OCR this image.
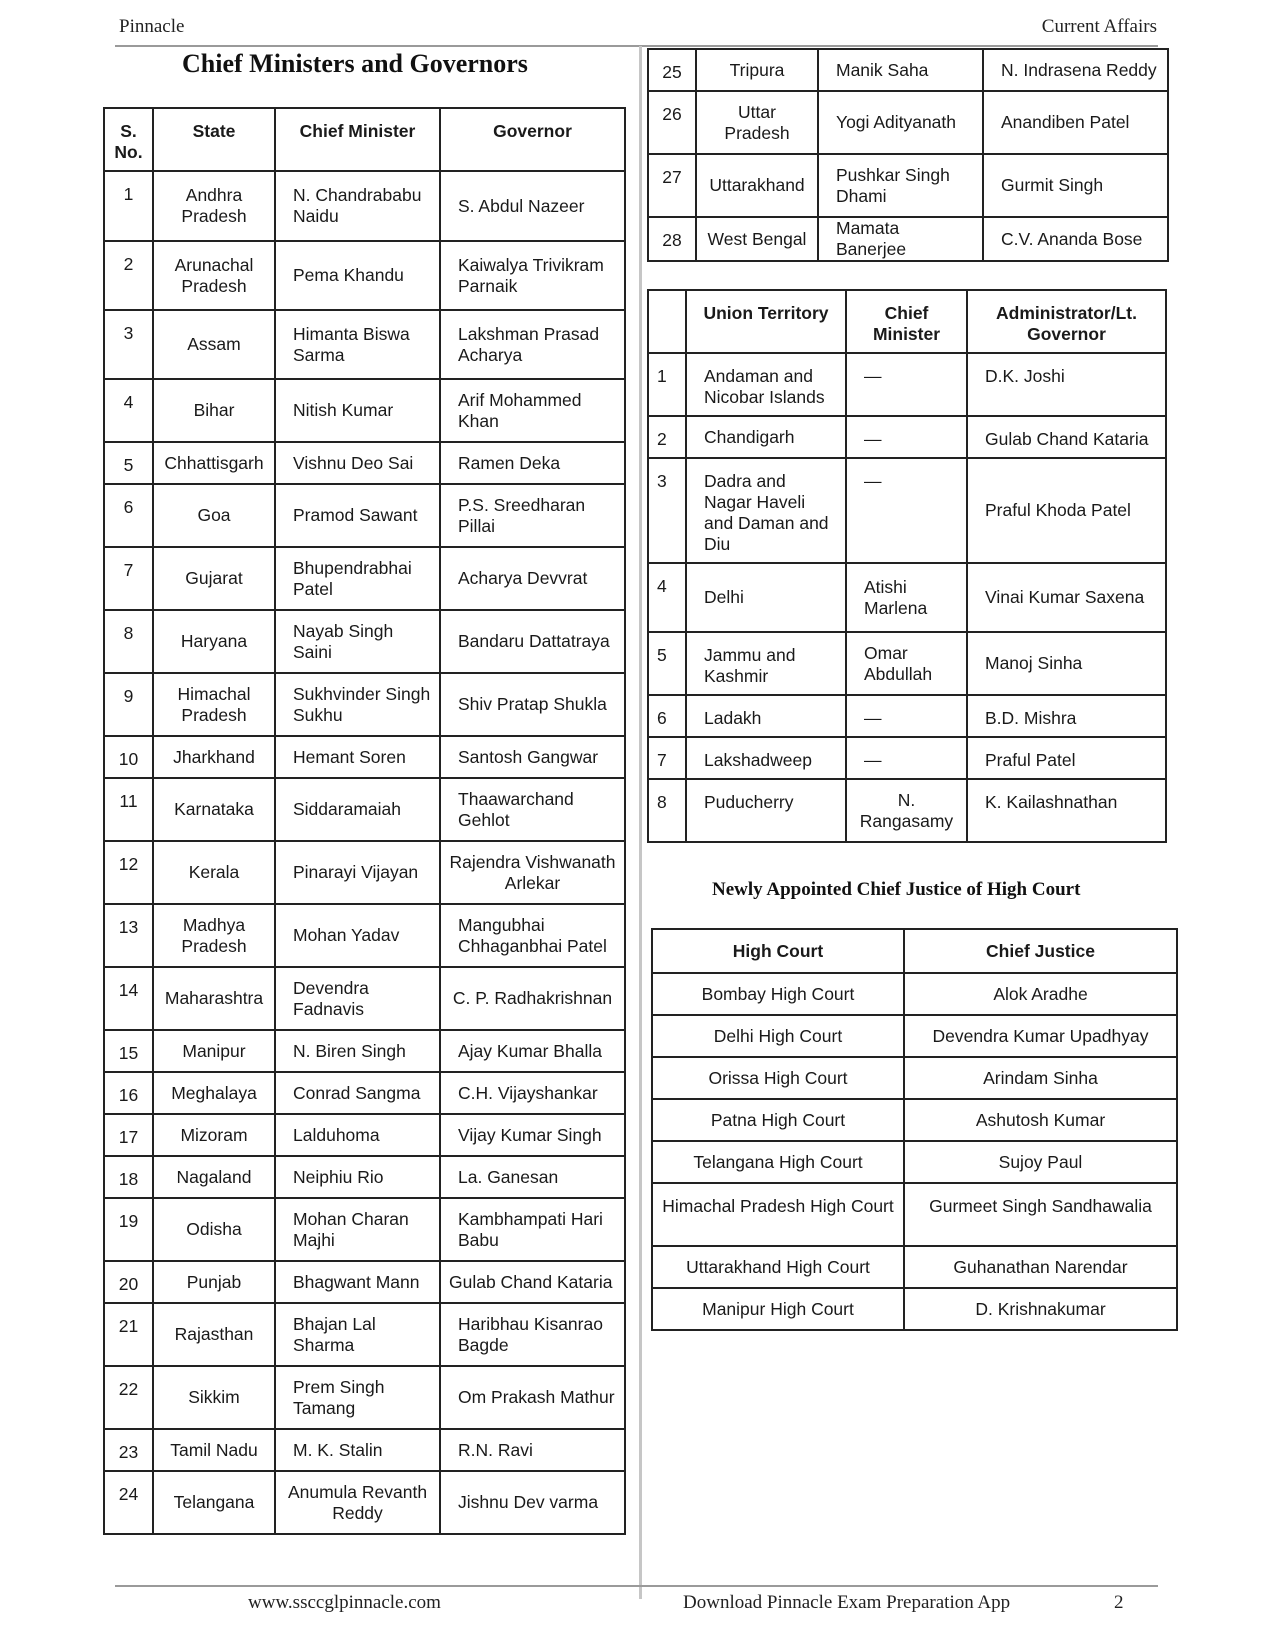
Pinnacle	Current Affairs
Chief Ministers and Governors
S. No.	State	Chief Minister	Governor
1	Andhra Pradesh	N. Chandrababu Naidu	S. Abdul Nazeer
2	Arunachal Pradesh	Pema Khandu	Kaiwalya Trivikram Parnaik
3	Assam	Himanta Biswa Sarma	Lakshman Prasad Acharya
4	Bihar	Nitish Kumar	Arif Mohammed Khan
5	Chhattisgarh	Vishnu Deo Sai	Ramen Deka
6	Goa	Pramod Sawant	P.S. Sreedharan Pillai
7	Gujarat	Bhupendrabhai Patel	Acharya Devvrat
8	Haryana	Nayab Singh Saini	Bandaru Dattatraya
9	Himachal Pradesh	Sukhvinder Singh Sukhu	Shiv Pratap Shukla
10	Jharkhand	Hemant Soren	Santosh Gangwar
11	Karnataka	Siddaramaiah	Thaawarchand Gehlot
12	Kerala	Pinarayi Vijayan	Rajendra Vishwanath Arlekar
13	Madhya Pradesh	Mohan Yadav	Mangubhai Chhaganbhai Patel
14	Maharashtra	Devendra Fadnavis	C. P. Radhakrishnan
15	Manipur	N. Biren Singh	Ajay Kumar Bhalla
16	Meghalaya	Conrad Sangma	C.H. Vijayshankar
17	Mizoram	Lalduhoma	Vijay Kumar Singh
18	Nagaland	Neiphiu Rio	La. Ganesan
19	Odisha	Mohan Charan Majhi	Kambhampati Hari Babu
20	Punjab	Bhagwant Mann	Gulab Chand Kataria
21	Rajasthan	Bhajan Lal Sharma	Haribhau Kisanrao Bagde
22	Sikkim	Prem Singh Tamang	Om Prakash Mathur
23	Tamil Nadu	M. K. Stalin	R.N. Ravi
24	Telangana	Anumula Revanth Reddy	Jishnu Dev varma
25	Tripura	Manik Saha	N. Indrasena Reddy
26	Uttar Pradesh	Yogi Adityanath	Anandiben Patel
27	Uttarakhand	Pushkar Singh Dhami	Gurmit Singh
28	West Bengal	Mamata Banerjee	C.V. Ananda Bose
	Union Territory	Chief Minister	Administrator/Lt. Governor
1	Andaman and Nicobar Islands	—	D.K. Joshi
2	Chandigarh	—	Gulab Chand Kataria
3	Dadra and Nagar Haveli and Daman and Diu	—	Praful Khoda Patel
4	Delhi	Atishi Marlena	Vinai Kumar Saxena
5	Jammu and Kashmir	Omar Abdullah	Manoj Sinha
6	Ladakh	—	B.D. Mishra
7	Lakshadweep	—	Praful Patel
8	Puducherry	N. Rangasamy	K. Kailashnathan
Newly Appointed Chief Justice of High Court
High Court	Chief Justice
Bombay High Court	Alok Aradhe
Delhi High Court	Devendra Kumar Upadhyay
Orissa High Court	Arindam Sinha
Patna High Court	Ashutosh Kumar
Telangana High Court	Sujoy Paul
Himachal Pradesh High Court	Gurmeet Singh Sandhawalia
Uttarakhand High Court	Guhanathan Narendar
Manipur High Court	D. Krishnakumar
www.ssccglpinnacle.com	Download Pinnacle Exam Preparation App	2
